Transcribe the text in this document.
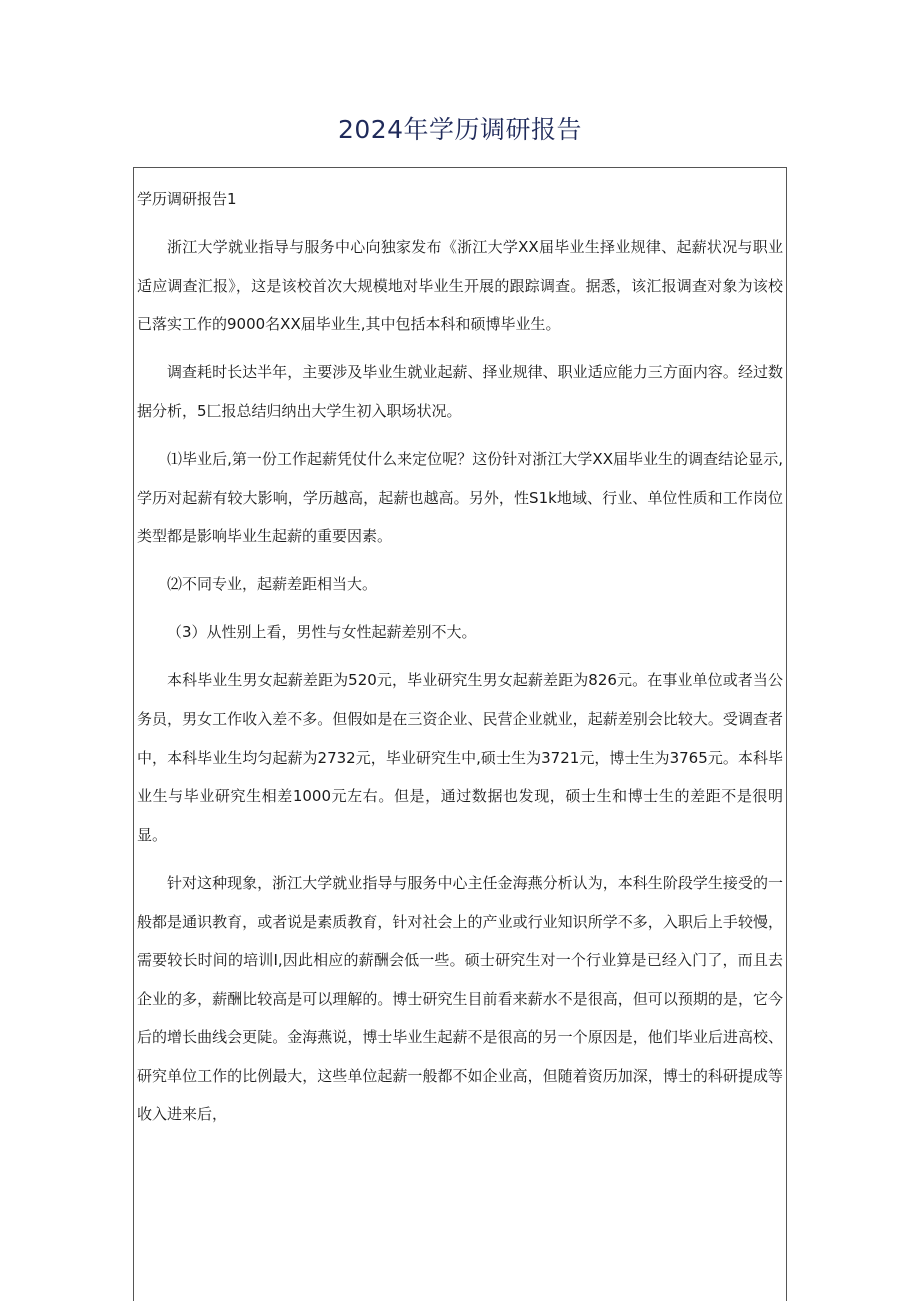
2024年学历调研报告
学历调研报告1

浙江大学就业指导与服务中心向独家发布《浙江大学XX届毕业生择业规律、起薪状况与职业适应调查汇报》，这是该校首次大规模地对毕业生开展的跟踪调查。据悉，该汇报调查对象为该校已落实工作的9000名XX届毕业生,其中包括本科和硕博毕业生。

调查耗时长达半年，主要涉及毕业生就业起薪、择业规律、职业适应能力三方面内容。经过数据分析，5匚报总结归纳出大学生初入职场状况。

⑴毕业后,第一份工作起薪凭仗什么来定位呢？这份针对浙江大学XX届毕业生的调查结论显示,学历对起薪有较大影响，学历越高，起薪也越高。另外，性S1k地域、行业、单位性质和工作岗位类型都是影响毕业生起薪的重要因素。

⑵不同专业，起薪差距相当大。

（3）从性别上看，男性与女性起薪差别不大。

本科毕业生男女起薪差距为520元，毕业研究生男女起薪差距为826元。在事业单位或者当公务员，男女工作收入差不多。但假如是在三资企业、民营企业就业，起薪差别会比较大。受调查者中，本科毕业生均匀起薪为2732元，毕业研究生中,硕士生为3721元，博士生为3765元。本科毕业生与毕业研究生相差1000元左右。但是，通过数据也发现，硕士生和博士生的差距不是很明显。

针对这种现象，浙江大学就业指导与服务中心主任金海燕分析认为，本科生阶段学生接受的一般都是通识教育，或者说是素质教育，针对社会上的产业或行业知识所学不多，入职后上手较慢，需要较长时间的培训I,因此相应的薪酬会低一些。硕士研究生对一个行业算是已经入门了，而且去企业的多，薪酬比较高是可以理解的。博士研究生目前看来薪水不是很高，但可以预期的是，它今后的增长曲线会更陡。金海燕说，博士毕业生起薪不是很高的另一个原因是，他们毕业后进高校、研究单位工作的比例最大，这些单位起薪一般都不如企业高，但随着资历加深，博士的科研提成等收入进来后，
